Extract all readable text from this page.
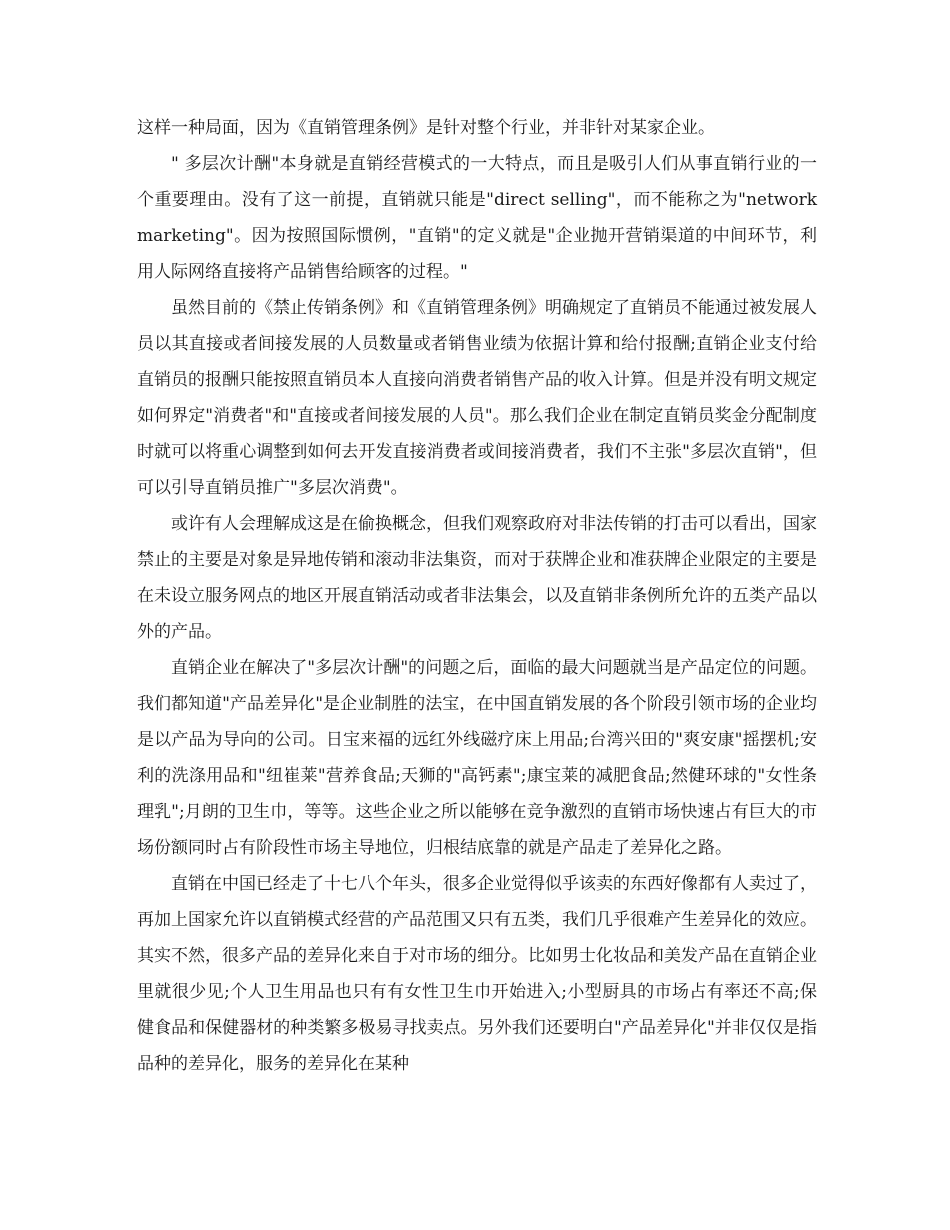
这样一种局面，因为《直销管理条例》是针对整个行业，并非针对某家企业。

" 多层次计酬"本身就是直销经营模式的一大特点，而且是吸引人们从事直销行业的一个重要理由。没有了这一前提，直销就只能是"direct selling"，而不能称之为"network marketing"。因为按照国际惯例，"直销"的定义就是"企业抛开营销渠道的中间环节，利用人际网络直接将产品销售给顾客的过程。"

虽然目前的《禁止传销条例》和《直销管理条例》明确规定了直销员不能通过被发展人员以其直接或者间接发展的人员数量或者销售业绩为依据计算和给付报酬;直销企业支付给直销员的报酬只能按照直销员本人直接向消费者销售产品的收入计算。但是并没有明文规定如何界定"消费者"和"直接或者间接发展的人员"。那么我们企业在制定直销员奖金分配制度时就可以将重心调整到如何去开发直接消费者或间接消费者，我们不主张"多层次直销"，但可以引导直销员推广"多层次消费"。

或许有人会理解成这是在偷换概念，但我们观察政府对非法传销的打击可以看出，国家禁止的主要是对象是异地传销和滚动非法集资，而对于获牌企业和准获牌企业限定的主要是在未设立服务网点的地区开展直销活动或者非法集会，以及直销非条例所允许的五类产品以外的产品。

直销企业在解决了"多层次计酬"的问题之后，面临的最大问题就当是产品定位的问题。我们都知道"产品差异化"是企业制胜的法宝，在中国直销发展的各个阶段引领市场的企业均是以产品为导向的公司。日宝来福的远红外线磁疗床上用品;台湾兴田的"爽安康"摇摆机;安利的洗涤用品和"纽崔莱"营养食品;天狮的"高钙素";康宝莱的减肥食品;然健环球的"女性条理乳";月朗的卫生巾，等等。这些企业之所以能够在竞争激烈的直销市场快速占有巨大的市场份额同时占有阶段性市场主导地位，归根结底靠的就是产品走了差异化之路。

直销在中国已经走了十七八个年头，很多企业觉得似乎该卖的东西好像都有人卖过了，再加上国家允许以直销模式经营的产品范围又只有五类，我们几乎很难产生差异化的效应。其实不然，很多产品的差异化来自于对市场的细分。比如男士化妆品和美发产品在直销企业里就很少见;个人卫生用品也只有有女性卫生巾开始进入;小型厨具的市场占有率还不高;保健食品和保健器材的种类繁多极易寻找卖点。另外我们还要明白"产品差异化"并非仅仅是指品种的差异化，服务的差异化在某种
